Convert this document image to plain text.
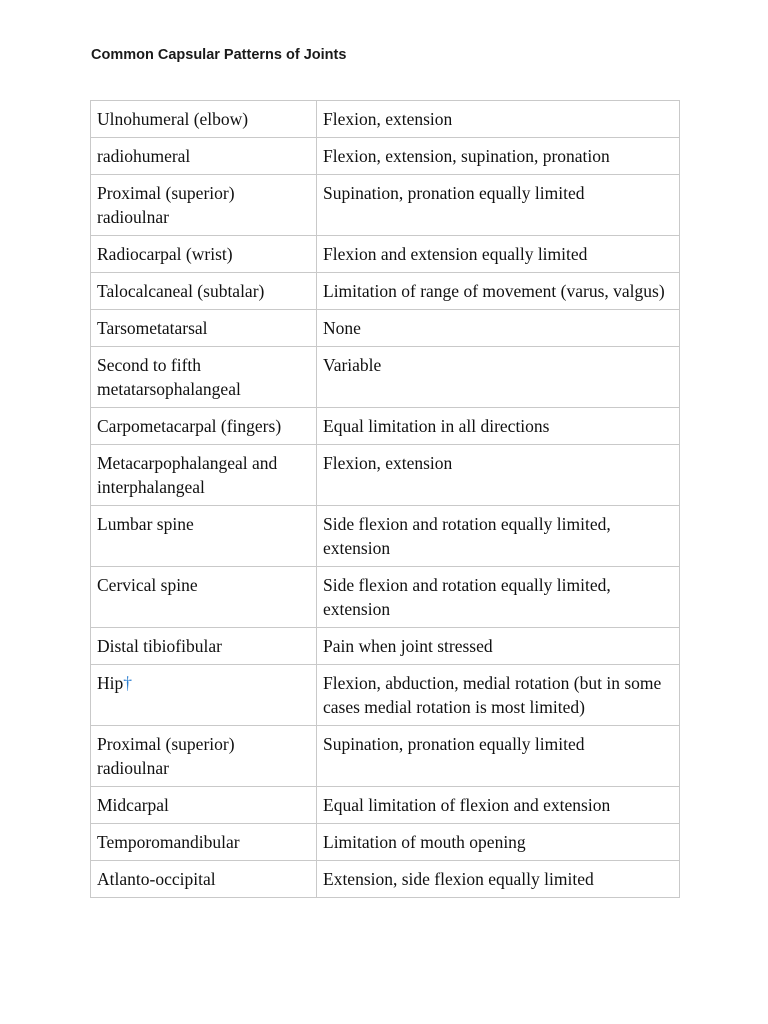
Common Capsular Patterns of Joints
Ulnohumeral (elbow)	Flexion, extension
radiohumeral	Flexion, extension, supination, pronation
Proximal (superior) radioulnar	Supination, pronation equally limited
Radiocarpal (wrist)	Flexion and extension equally limited
Talocalcaneal (subtalar)	Limitation of range of movement (varus, valgus)
Tarsometatarsal	None
Second to fifth metatarsophalangeal	Variable
Carpometacarpal (fingers)	Equal limitation in all directions
Metacarpophalangeal and interphalangeal	Flexion, extension
Lumbar spine	Side flexion and rotation equally limited, extension
Cervical spine	Side flexion and rotation equally limited, extension
Distal tibiofibular	Pain when joint stressed
Hip†	Flexion, abduction, medial rotation (but in some cases medial rotation is most limited)
Proximal (superior) radioulnar	Supination, pronation equally limited
Midcarpal	Equal limitation of flexion and extension
Temporomandibular	Limitation of mouth opening
Atlanto-occipital	Extension, side flexion equally limited
